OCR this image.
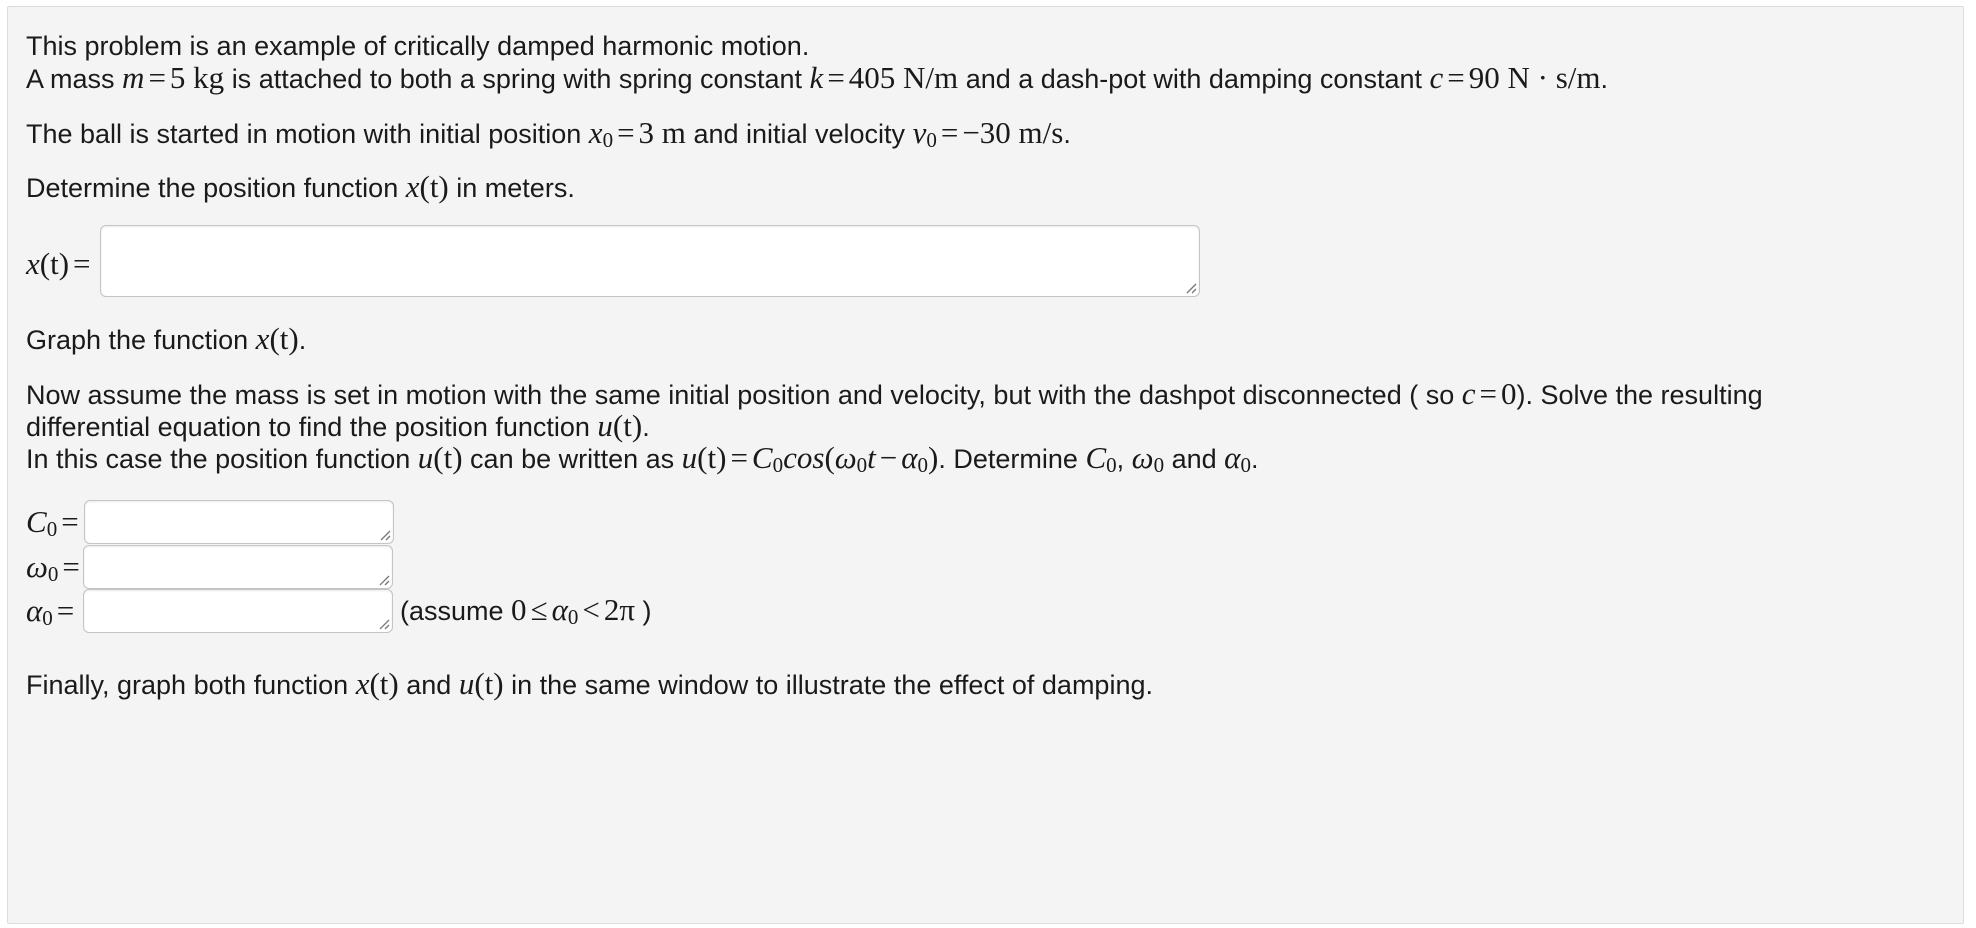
This problem is an example of critically damped harmonic motion.
A mass m = 5 kg is attached to both a spring with spring constant k = 405 N/m and a dash-pot with damping constant c = 90 N · s/m.
The ball is started in motion with initial position $x_0 = 3$ m and initial velocity $v_0 = -30$ m/s.
Determine the position function x(t) in meters.
x(t) =
Graph the function x(t).
Now assume the mass is set in motion with the same initial position and velocity, but with the dashpot disconnected ( so c = 0). Solve the resulting
differential equation to find the position function u(t).
In this case the position function u(t) can be written as $u(t) = C_0\cos(\omega_0t - \alpha_0)$. Determine $C_0$, $\omega_0$ and $\alpha_0$.
$C_0$ =
$\omega_0$ =
$\alpha_0$ =	(assume $0 \le \alpha_0 < 2\pi$ )
Finally, graph both function x(t) and u(t) in the same window to illustrate the effect of damping.
